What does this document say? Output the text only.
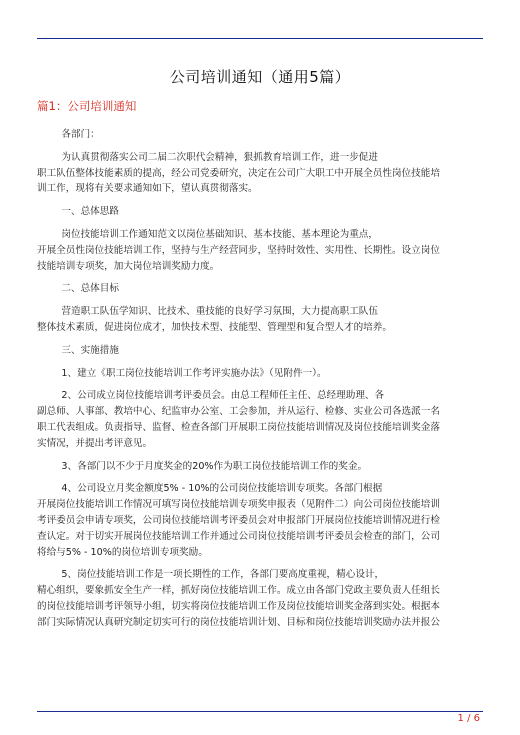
公司培训通知（通用5篇）
篇1：公司培训通知

各部门：

为认真贯彻落实公司二届二次职代会精神，狠抓教育培训工作，进一步促进
职工队伍整体技能素质的提高，经公司党委研究，决定在公司广大职工中开展全员性岗位技能培
训工作，现将有关要求通知如下，望认真贯彻落实。

一、总体思路

岗位技能培训工作通知范文以岗位基础知识、基本技能、基本理论为重点，
开展全员性岗位技能培训工作，坚持与生产经营同步，坚持时效性、实用性、长期性。设立岗位
技能培训专项奖，加大岗位培训奖励力度。

二、总体目标

营造职工队伍学知识、比技术、重技能的良好学习氛围，大力提高职工队伍
整体技术素质，促进岗位成才，加快技术型、技能型、管理型和复合型人才的培养。

三、实施措施

1、建立《职工岗位技能培训工作考评实施办法》（见附件一）。

2、公司成立岗位技能培训考评委员会。由总工程师任主任、总经理助理、各
副总师、人事部、教培中心、纪监审办公室、工会参加，并从运行、检修、实业公司各选派一名
职工代表组成。负责指导、监督、检查各部门开展职工岗位技能培训情况及岗位技能培训奖金落
实情况，并提出考评意见。

3、各部门以不少于月度奖金的20%作为职工岗位技能培训工作的奖金。

4、公司设立月奖金额度5% - 10%的公司岗位技能培训专项奖。各部门根据
开展岗位技能培训工作情况可填写岗位技能培训专项奖申报表（见附件二）向公司岗位技能培训
考评委员会申请专项奖，公司岗位技能培训考评委员会对申报部门开展岗位技能培训情况进行检
查认定。对于切实开展岗位技能培训工作并通过公司岗位技能培训考评委员会检查的部门，公司
将给与5% - 10%的岗位培训专项奖励。

5、岗位技能培训工作是一项长期性的工作，各部门要高度重视，精心设计，
精心组织，要象抓安全生产一样，抓好岗位技能培训工作。成立由各部门党政主要负责人任组长
的岗位技能培训考评领导小组，切实将岗位技能培训工作及岗位技能培训奖金落到实处。根据本
部门实际情况认真研究制定切实可行的岗位技能培训计划、目标和岗位技能培训奖励办法并报公

1 / 6
